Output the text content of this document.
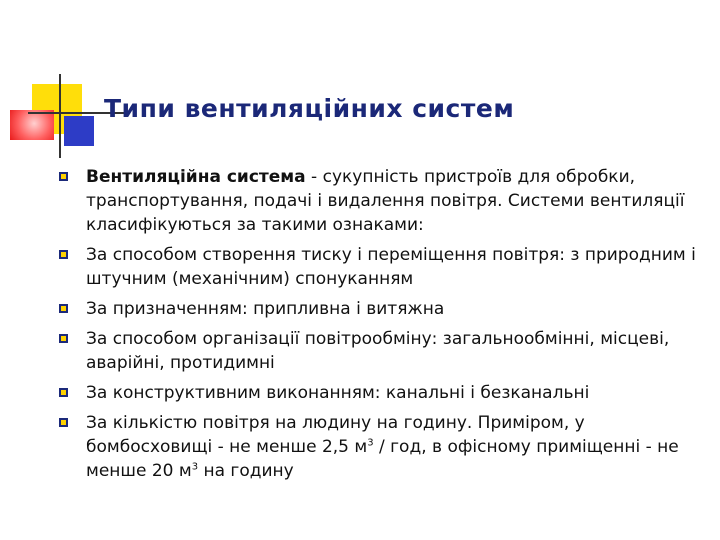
Типи вентиляційних систем
Вентиляційна система - сукупність пристроїв для обробки, транспортування, подачі і видалення повітря. Системи вентиляції класифікуються за такими ознаками:
За способом створення тиску і переміщення повітря: з природним і штучним (механічним) спонуканням
За призначенням: припливна і витяжна
За способом організації повітрообміну: загальнообмінні, місцеві, аварійні, протидимні
За конструктивним виконанням: канальні і безканальні
За кількістю повітря на людину на годину. Приміром, у бомбосховищі - не менше 2,5 $м^3$ / год, в офісному приміщенні - не менше 20 $м^3$ на годину
